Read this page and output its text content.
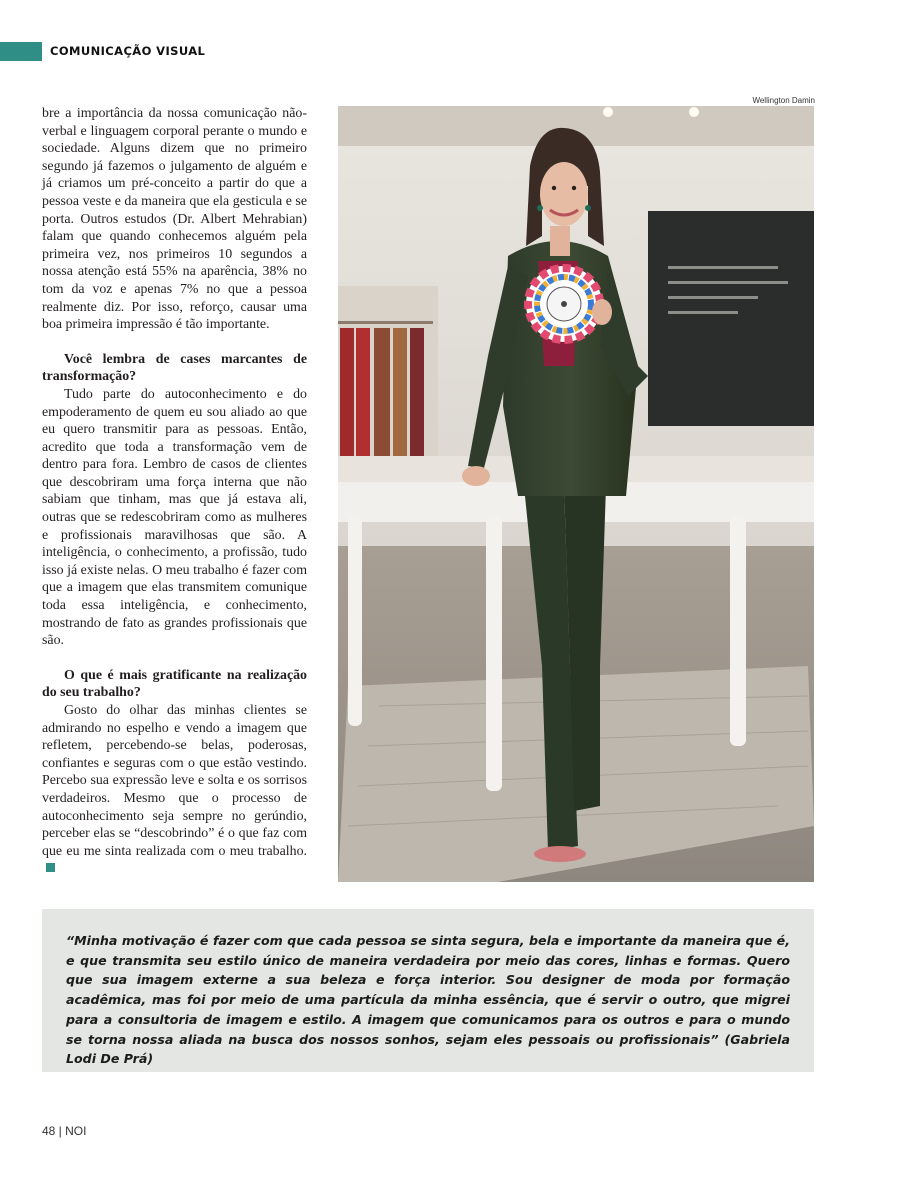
COMUNICAÇÃO VISUAL

bre a importância da nossa comunicação não-verbal e linguagem corporal perante o mundo e sociedade. Alguns dizem que no primeiro segundo já fazemos o julgamento de alguém e já criamos um pré-conceito a partir do que a pessoa veste e da maneira que ela gesticula e se porta. Outros estudos (Dr. Albert Mehrabian) falam que quando conhecemos alguém pela primeira vez, nos primeiros 10 segundos a nossa atenção está 55% na aparência, 38% no tom da voz e apenas 7% no que a pessoa realmente diz. Por isso, reforço, causar uma boa primeira impressão é tão importante.

Você lembra de cases marcantes de transformação?

Tudo parte do autoconhecimento e do empoderamento de quem eu sou aliado ao que eu quero transmitir para as pessoas. Então, acredito que toda a transformação vem de dentro para fora. Lembro de casos de clientes que descobriram uma força interna que não sabiam que tinham, mas que já estava ali, outras que se redescobriram como as mulheres e profissionais maravilhosas que são. A inteligência, o conhecimento, a profissão, tudo isso já existe nelas. O meu trabalho é fazer com que a imagem que elas transmitem comunique toda essa inteligência, e conhecimento, mostrando de fato as grandes profissionais que são.

O que é mais gratificante na realização do seu trabalho?

Gosto do olhar das minhas clientes se admirando no espelho e vendo a imagem que refletem, percebendo-se belas, poderosas, confiantes e seguras com o que estão vestindo. Percebo sua expressão leve e solta e os sorrisos verdadeiros. Mesmo que o processo de autoconhecimento seja sempre no gerúndio, perceber elas se “descobrindo” é o que faz com que eu me sinta realizada com o meu trabalho.

Wellington Damin
“Minha motivação é fazer com que cada pessoa se sinta segura, bela e importante da maneira que é, e que transmita seu estilo único de maneira verdadeira por meio das cores, linhas e formas. Quero que sua imagem externe a sua beleza e força interior. Sou designer de moda por formação acadêmica, mas foi por meio de uma partícula da minha essência, que é servir o outro, que migrei para a consultoria de imagem e estilo. A imagem que comunicamos para os outros e para o mundo se torna nossa aliada na busca dos nossos sonhos, sejam eles pessoais ou profissionais” (Gabriela Lodi De Prá)
48 | NOI
